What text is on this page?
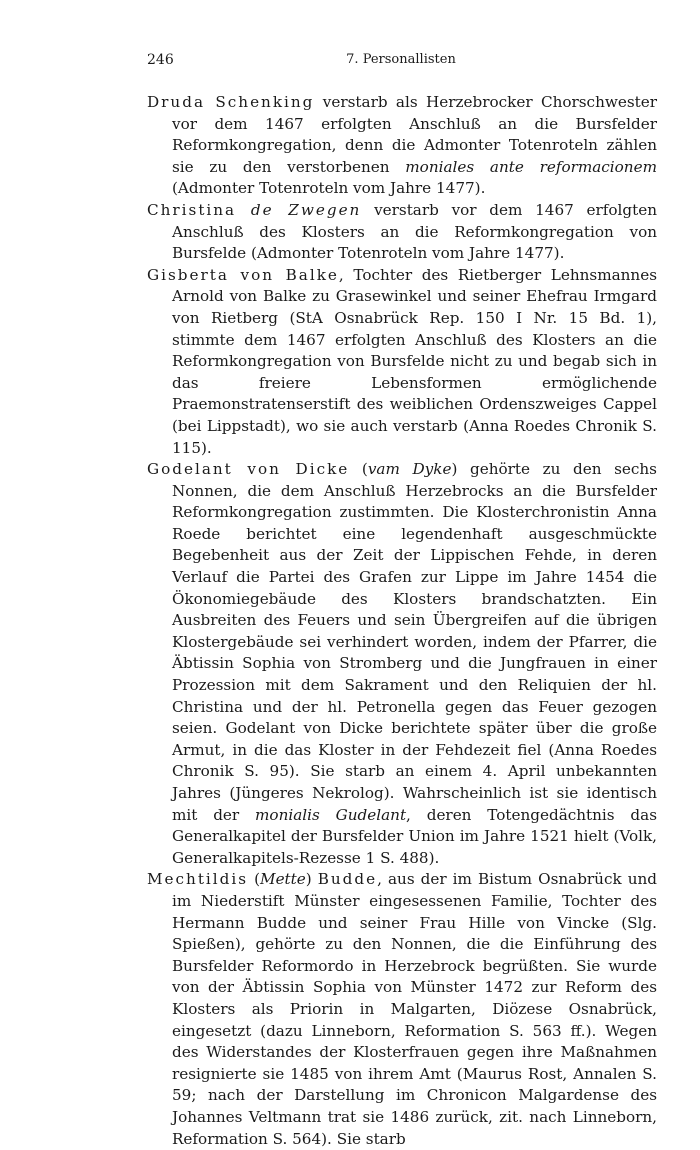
246	7. Personallisten

Druda Schenking verstarb als Herzebrocker Chorschwester vor dem 1467 erfolgten Anschluß an die Bursfelder Reformkongregation, denn die Admonter Totenroteln zählen sie zu den verstorbenen moniales ante reformacionem (Admonter Totenroteln vom Jahre 1477).

Christina de Zwegen verstarb vor dem 1467 erfolgten Anschluß des Klosters an die Reformkongregation von Bursfelde (Admonter Totenroteln vom Jahre 1477).

Gisberta von Balke, Tochter des Rietberger Lehnsmannes Arnold von Balke zu Grasewinkel und seiner Ehefrau Irmgard von Rietberg (StA Osnabrück Rep. 150 I Nr. 15 Bd. 1), stimmte dem 1467 erfolgten Anschluß des Klosters an die Reformkongregation von Bursfelde nicht zu und begab sich in das freiere Lebensformen ermöglichende Praemonstratenserstift des weiblichen Ordenszweiges Cappel (bei Lippstadt), wo sie auch verstarb (Anna Roedes Chronik S. 115).

Godelant von Dicke (vam Dyke) gehörte zu den sechs Nonnen, die dem Anschluß Herzebrocks an die Bursfelder Reformkongregation zustimmten. Die Klosterchronistin Anna Roede berichtet eine legendenhaft ausgeschmückte Begebenheit aus der Zeit der Lippischen Fehde, in deren Verlauf die Partei des Grafen zur Lippe im Jahre 1454 die Ökonomiegebäude des Klosters brandschatzten. Ein Ausbreiten des Feuers und sein Übergreifen auf die übrigen Klostergebäude sei verhindert worden, indem der Pfarrer, die Äbtissin Sophia von Stromberg und die Jungfrauen in einer Prozession mit dem Sakrament und den Reliquien der hl. Christina und der hl. Petronella gegen das Feuer gezogen seien. Godelant von Dicke berichtete später über die große Armut, in die das Kloster in der Fehdezeit fiel (Anna Roedes Chronik S. 95). Sie starb an einem 4. April unbekannten Jahres (Jüngeres Nekrolog). Wahrscheinlich ist sie identisch mit der monialis Gudelant, deren Totengedächtnis das Generalkapitel der Bursfelder Union im Jahre 1521 hielt (Volk, Generalkapitels-Rezesse 1 S. 488).

Mechtildis (Mette) Budde, aus der im Bistum Osnabrück und im Niederstift Münster eingesessenen Familie, Tochter des Hermann Budde und seiner Frau Hille von Vincke (Slg. Spießen), gehörte zu den Nonnen, die die Einführung des Bursfelder Reformordo in Herzebrock begrüßten. Sie wurde von der Äbtissin Sophia von Münster 1472 zur Reform des Klosters als Priorin in Malgarten, Diözese Osnabrück, eingesetzt (dazu Linneborn, Reformation S. 563 ff.). Wegen des Widerstandes der Klosterfrauen gegen ihre Maßnahmen resignierte sie 1485 von ihrem Amt (Maurus Rost, Annalen S. 59; nach der Darstellung im Chronicon Malgardense des Johannes Veltmann trat sie 1486 zurück, zit. nach Linneborn, Reformation S. 564). Sie starb
